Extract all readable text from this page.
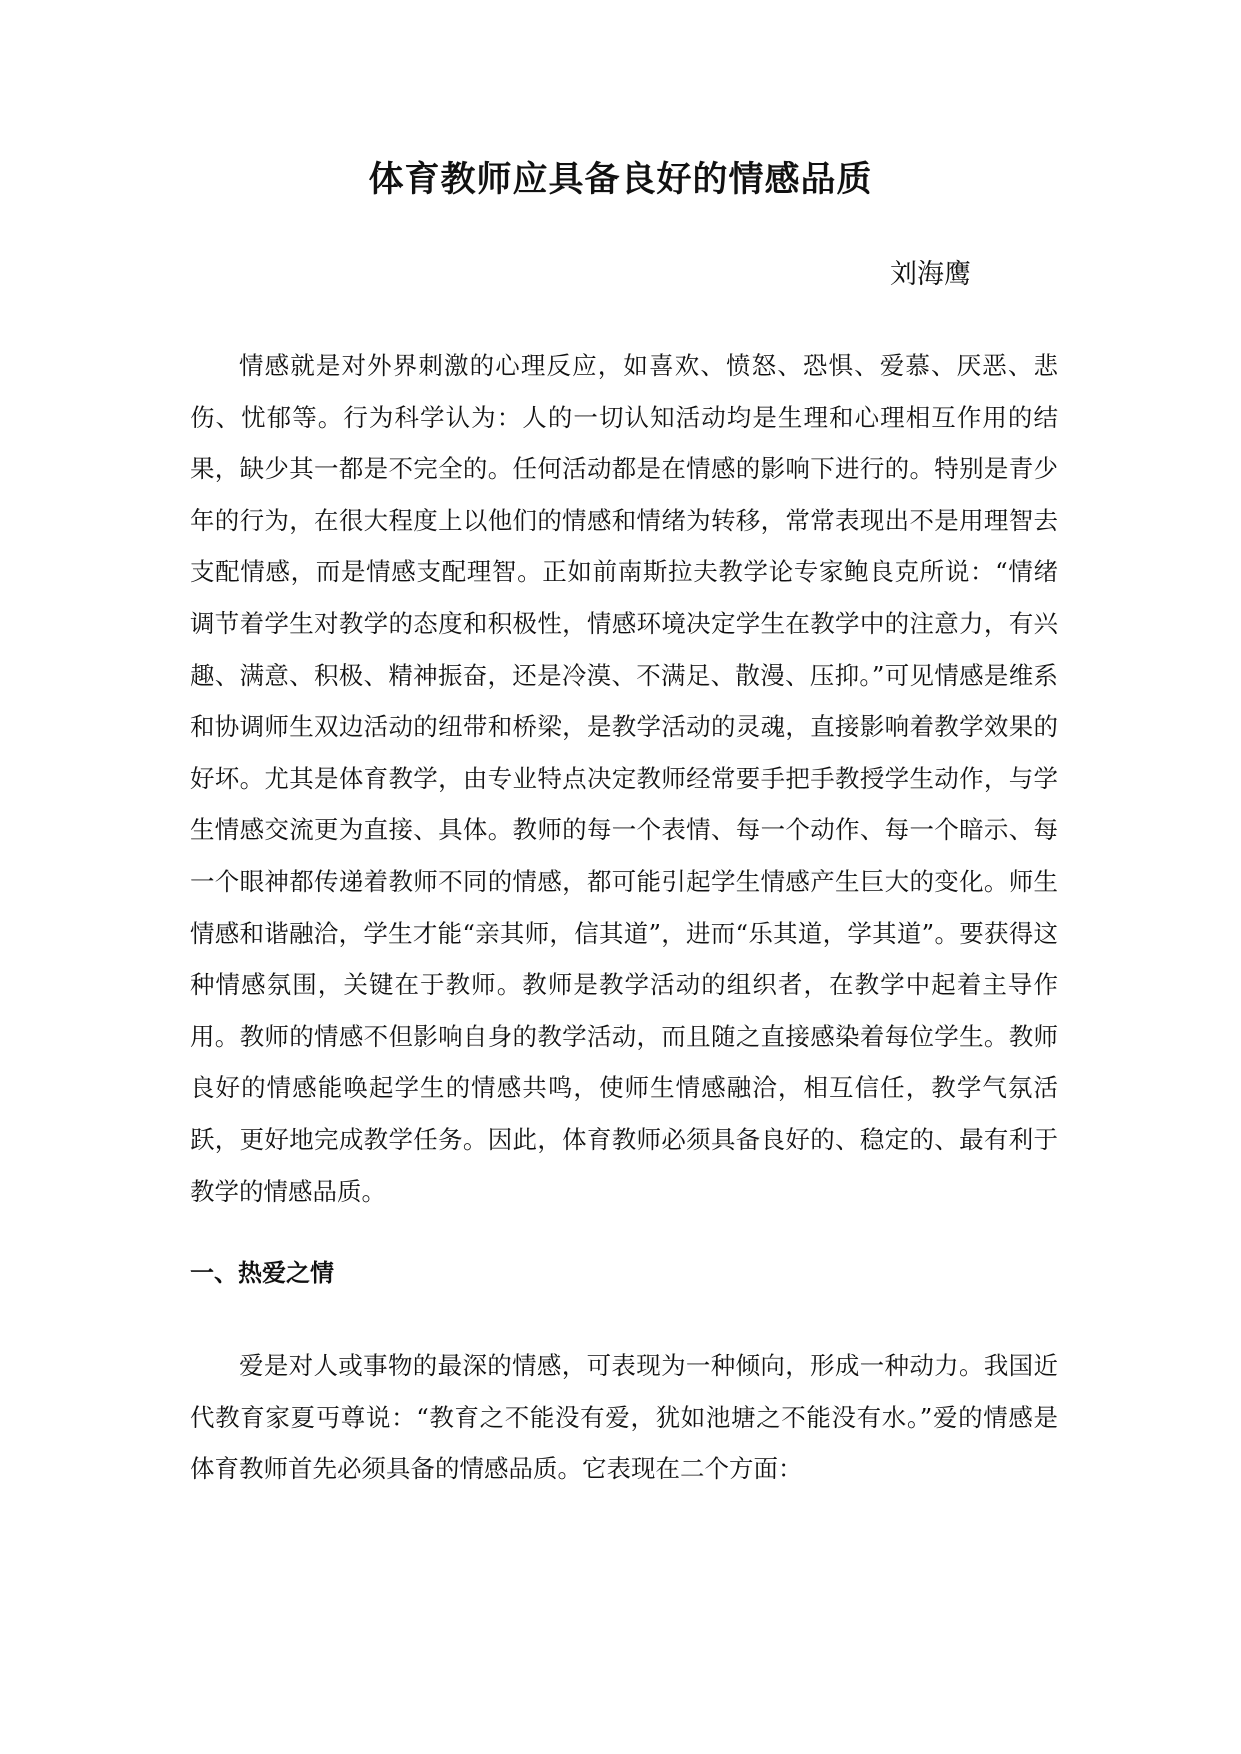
体育教师应具备良好的情感品质

刘海鹰

情感就是对外界刺激的心理反应，如喜欢、愤怒、恐惧、爱慕、厌恶、悲伤、忧郁等。行为科学认为：人的一切认知活动均是生理和心理相互作用的结果，缺少其一都是不完全的。任何活动都是在情感的影响下进行的。特别是青少年的行为，在很大程度上以他们的情感和情绪为转移，常常表现出不是用理智去支配情感，而是情感支配理智。正如前南斯拉夫教学论专家鲍良克所说：“情绪调节着学生对教学的态度和积极性，情感环境决定学生在教学中的注意力，有兴趣、满意、积极、精神振奋，还是冷漠、不满足、散漫、压抑。”可见情感是维系和协调师生双边活动的纽带和桥梁，是教学活动的灵魂，直接影响着教学效果的好坏。尤其是体育教学，由专业特点决定教师经常要手把手教授学生动作，与学生情感交流更为直接、具体。教师的每一个表情、每一个动作、每一个暗示、每一个眼神都传递着教师不同的情感，都可能引起学生情感产生巨大的变化。师生情感和谐融洽，学生才能“亲其师，信其道”，进而“乐其道，学其道”。要获得这种情感氛围，关键在于教师。教师是教学活动的组织者，在教学中起着主导作用。教师的情感不但影响自身的教学活动，而且随之直接感染着每位学生。教师良好的情感能唤起学生的情感共鸣，使师生情感融洽，相互信任，教学气氛活跃，更好地完成教学任务。因此，体育教师必须具备良好的、稳定的、最有利于教学的情感品质。

一、热爱之情

爱是对人或事物的最深的情感，可表现为一种倾向，形成一种动力。我国近代教育家夏丏尊说：“教育之不能没有爱，犹如池塘之不能没有水。”爱的情感是体育教师首先必须具备的情感品质。它表现在二个方面：
